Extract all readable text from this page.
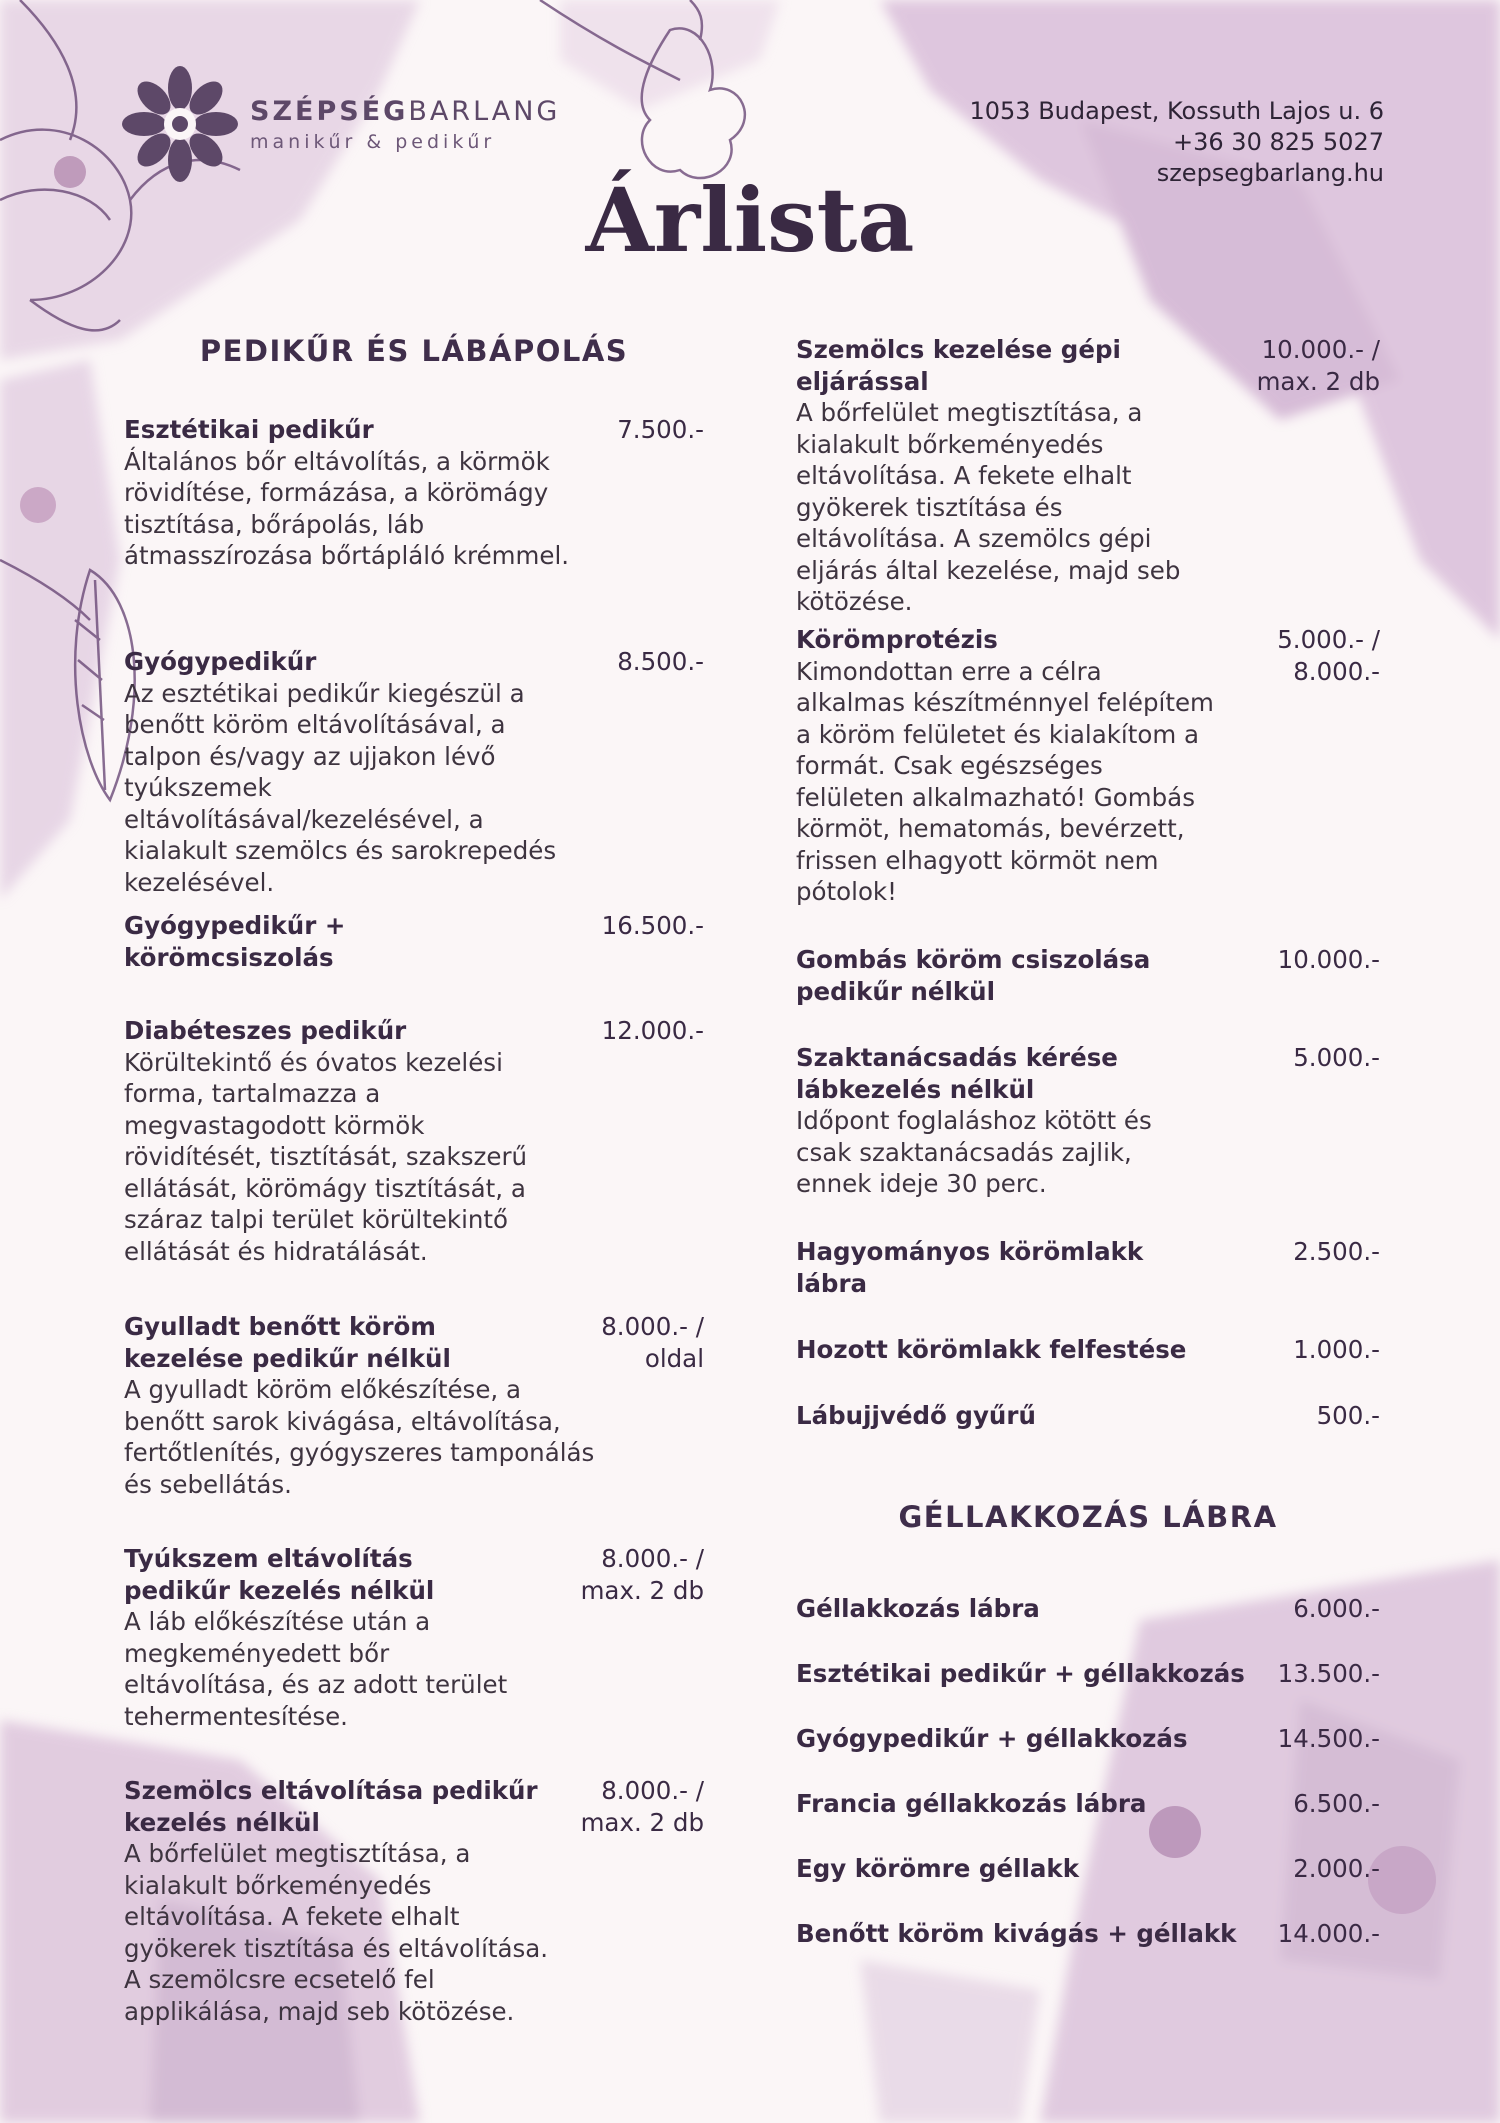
SZÉPSÉGBARLANG
manikűr & pedikűr
1053 Budapest, Kossuth Lajos u. 6
+36 30 825 5027
szepsegbarlang.hu
Árlista
PEDIKŰR ÉS LÁBÁPOLÁS
Esztétikai pedikűr
Általános bőr eltávolítás, a körmök rövidítése, formázása, a körömágy tisztítása, bőrápolás, láb átmasszírozása bőrtápláló krémmel.
7.500.-
Gyógypedikűr
Az esztétikai pedikűr kiegészül a benőtt köröm eltávolításával, a talpon és/vagy az ujjakon lévő tyúkszemek eltávolításával/kezelésével, a kialakult szemölcs és sarokrepedés kezelésével.
8.500.-
Gyógypedikűr + körömcsiszolás
16.500.-
Diabéteszes pedikűr
Körültekintő és óvatos kezelési forma, tartalmazza a megvastagodott körmök rövidítését, tisztítását, szakszerű ellátását, körömágy tisztítását, a száraz talpi terület körültekintő ellátását és hidratálását.
12.000.-
Gyulladt benőtt köröm kezelése pedikűr nélkül
A gyulladt köröm előkészítése, a benőtt sarok kivágása, eltávolítása, fertőtlenítés, gyógyszeres tamponálás és sebellátás.
8.000.- / oldal
Tyúkszem eltávolítás pedikűr kezelés nélkül
A láb előkészítése után a megkeményedett bőr eltávolítása, és az adott terület tehermentesítése.
8.000.- / max. 2 db
Szemölcs eltávolítása pedikűr kezelés nélkül
A bőrfelület megtisztítása, a kialakult bőrkeményedés eltávolítása. A fekete elhalt gyökerek tisztítása és eltávolítása. A szemölcsre ecsetelő fel applikálása, majd seb kötözése.
8.000.- / max. 2 db
Szemölcs kezelése gépi eljárással
A bőrfelület megtisztítása, a kialakult bőrkeményedés eltávolítása. A fekete elhalt gyökerek tisztítása és eltávolítása. A szemölcs gépi eljárás által kezelése, majd seb kötözése.
10.000.- / max. 2 db
Körömprotézis
Kimondottan erre a célra alkalmas készítménnyel felépítem a köröm felületet és kialakítom a formát. Csak egészséges felületen alkalmazható! Gombás körmöt, hematomás, bevérzett, frissen elhagyott körmöt nem pótolok!
5.000.- / 8.000.-
Gombás köröm csiszolása pedikűr nélkül
10.000.-
Szaktanácsadás kérése lábkezelés nélkül
Időpont foglaláshoz kötött és csak szaktanácsadás zajlik, ennek ideje 30 perc.
5.000.-
Hagyományos körömlakk lábra
2.500.-
Hozott körömlakk felfestése	1.000.-
Lábujjvédő gyűrű	500.-
GÉLLAKKOZÁS LÁBRA
Géllakkozás lábra	6.000.-
Esztétikai pedikűr + géllakkozás	13.500.-
Gyógypedikűr + géllakkozás	14.500.-
Francia géllakkozás lábra	6.500.-
Egy körömre géllakk	2.000.-
Benőtt köröm kivágás + géllakk	14.000.-
